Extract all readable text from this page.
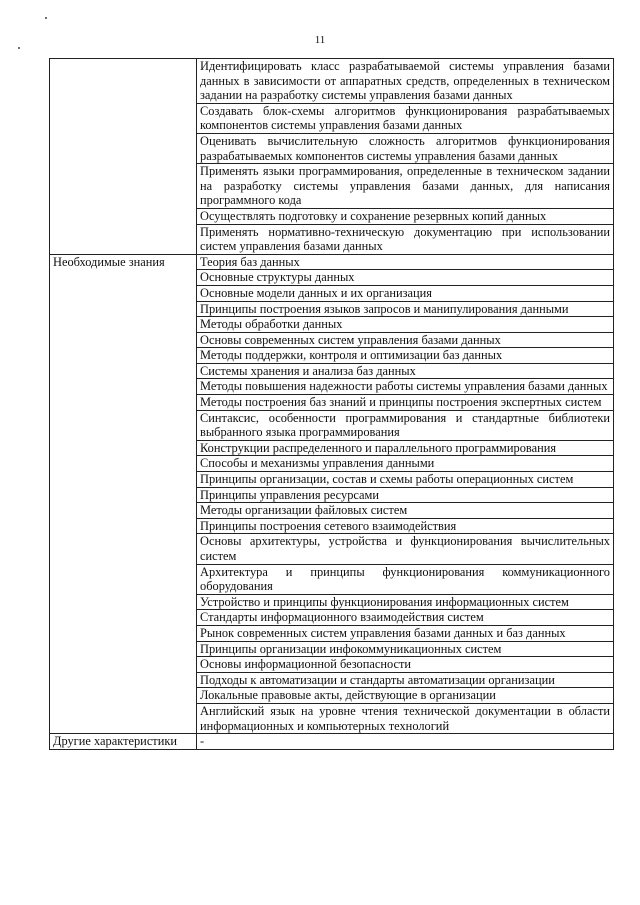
11
	Идентифицировать класс разрабатываемой системы управления базами данных в зависимости от аппаратных средств, определенных в техническом задании на разработку системы управления базами данных
	Создавать блок-схемы алгоритмов функционирования разрабатываемых компонентов системы управления базами данных
	Оценивать вычислительную сложность алгоритмов функционирования разрабатываемых компонентов системы управления базами данных
	Применять языки программирования, определенные в техническом задании на разработку системы управления базами данных, для написания программного кода
	Осуществлять подготовку и сохранение резервных копий данных
	Применять нормативно-техническую документацию при использовании систем управления базами данных
Необходимые знания	Теория баз данных
	Основные структуры данных
	Основные модели данных и их организация
	Принципы построения языков запросов и манипулирования данными
	Методы обработки данных
	Основы современных систем управления базами данных
	Методы поддержки, контроля и оптимизации баз данных
	Системы хранения и анализа баз данных
	Методы повышения надежности работы системы управления базами данных
	Методы построения баз знаний и принципы построения экспертных систем
	Синтаксис, особенности программирования и стандартные библиотеки выбранного языка программирования
	Конструкции распределенного и параллельного программирования
	Способы и механизмы управления данными
	Принципы организации, состав и схемы работы операционных систем
	Принципы управления ресурсами
	Методы организации файловых систем
	Принципы построения сетевого взаимодействия
	Основы архитектуры, устройства и функционирования вычислительных систем
	Архитектура и принципы функционирования коммуникационного оборудования
	Устройство и принципы функционирования информационных систем
	Стандарты информационного взаимодействия систем
	Рынок современных систем управления базами данных и баз данных
	Принципы организации инфокоммуникационных систем
	Основы информационной безопасности
	Подходы к автоматизации и стандарты автоматизации организации
	Локальные правовые акты, действующие в организации
	Английский язык на уровне чтения технической документации в области информационных и компьютерных технологий
Другие характеристики	-
